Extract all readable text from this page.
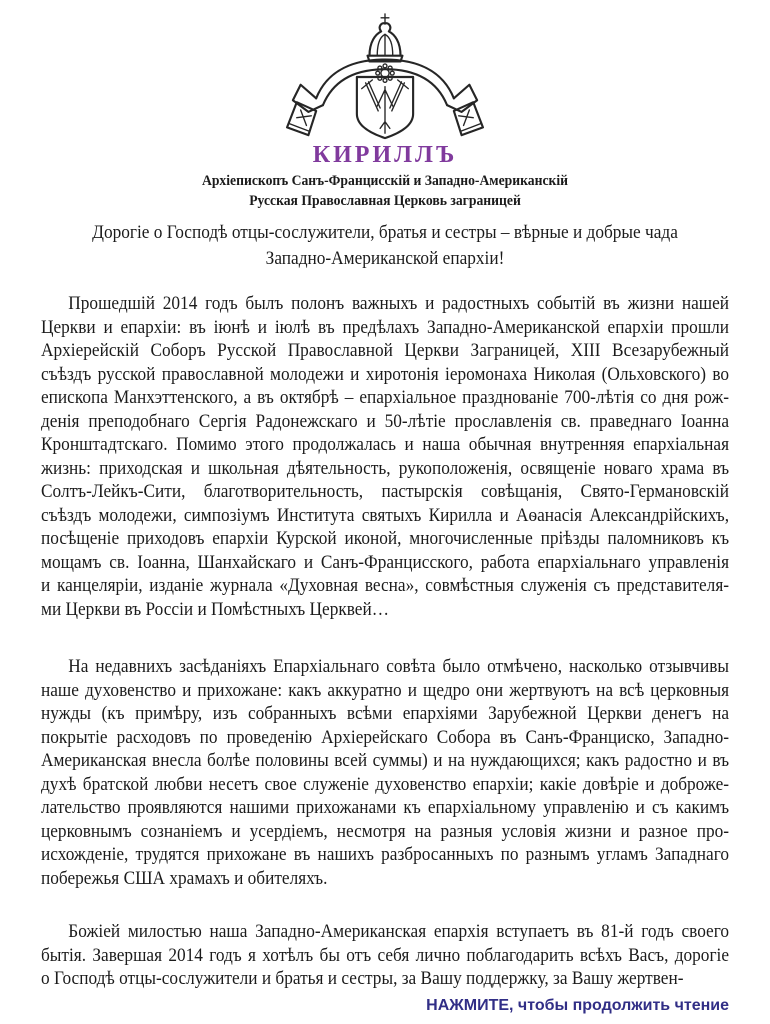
КИРИЛЛЪ
Архіепископъ Санъ-Францисскій и Западно-Американскій
Русская Православная Церковь заграницей
Дорогіе о Господѣ отцы-сослужители, братья и сестры – вѣрные и добрые чада
Западно-Американской епархіи!
Прошедшій 2014 годъ былъ полонъ важныхъ и радостныхъ событій въ жизни нашей
Церкви и епархіи: въ іюнѣ и іюлѣ въ предѣлахъ Западно-Американской епархіи прошли
Архіерейскій Соборъ Русской Православной Церкви Заграницей, XIII Всезарубежный
съѣздъ русской православной молодежи и хиротонія іеромонаха Николая (Ольховского) во
епископа Манхэттенского, а въ октябрѣ – епархіальное празднованіе 700-лѣтія со дня рож-
денія преподобнаго Сергія Радонежскаго и 50-лѣтіе прославленія св. праведнаго Іоанна
Кронштадтскаго. Помимо этого продолжалась и наша обычная внутренняя епархіальная
жизнь: приходская и школьная дѣятельность, рукоположенія, освященіе новаго храма въ
Солтъ-Лейкъ-Сити, благотворительность, пастырскія совѣщанія, Свято-Германовскій
съѣздъ молодежи, симпозіумъ Института святыхъ Кирилла и Аѳанасія Александрійскихъ,
посѣщеніе приходовъ епархіи Курской иконой, многочисленные пріѣзды паломниковъ къ
мощамъ св. Іоанна, Шанхайскаго и Санъ-Францисского, работа епархіальнаго управленія
и канцеляріи, изданіе журнала «Духовная весна», совмѣстныя служенія съ представителя-
ми Церкви въ Россіи и Помѣстныхъ Церквей…
На недавнихъ засѣданіяхъ Епархіальнаго совѣта было отмѣчено, насколько отзывчивы
наше духовенство и прихожане: какъ аккуратно и щедро они жертвуютъ на всѣ церковныя
нужды (къ примѣру, изъ собранныхъ всѣми епархіями Зарубежной Церкви денегъ на
покрытіе расходовъ по проведенію Архіерейскаго Собора въ Санъ-Франциско, Западно-
Американская внесла болѣе половины всей суммы) и на нуждающихся; какъ радостно и въ
духѣ братской любви несетъ свое служеніе духовенство епархіи; какіе довѣріе и доброже-
лательство проявляются нашими прихожанами къ епархіальному управленію и съ какимъ
церковнымъ сознаніемъ и усердіемъ, несмотря на разныя условія жизни и разное про-
исхожденіе, трудятся прихожане въ нашихъ разбросанныхъ по разнымъ угламъ Западнаго
побережья США храмахъ и обителяхъ.
Божіей милостью наша Западно-Американская епархія вступаетъ въ 81-й годъ своего
бытія. Завершая 2014 годъ я хотѣлъ бы отъ себя лично поблагодарить всѣхъ Васъ, дорогіе
о Господѣ отцы-сослужители и братья и сестры, за Вашу поддержку, за Вашу жертвен-
НАЖМИТЕ, чтобы продолжить чтение
